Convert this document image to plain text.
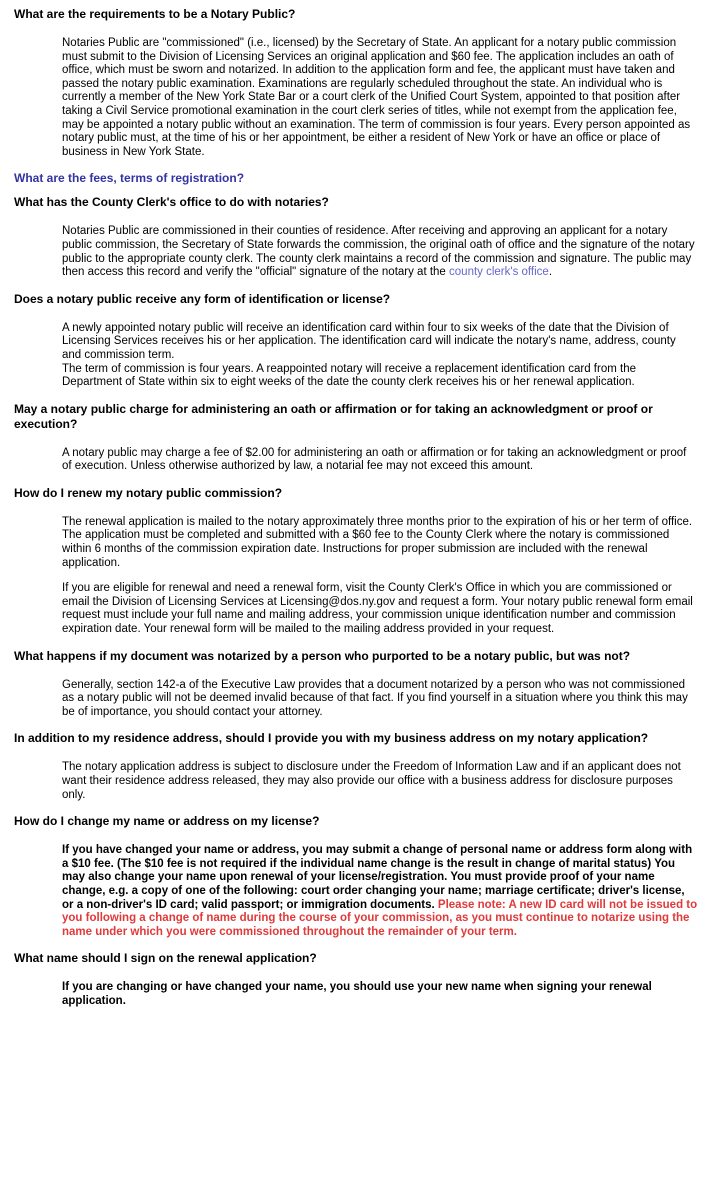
What are the requirements to be a Notary Public?
Notaries Public are "commissioned" (i.e., licensed) by the Secretary of State. An applicant for a notary public commission must submit to the Division of Licensing Services an original application and $60 fee. The application includes an oath of office, which must be sworn and notarized. In addition to the application form and fee, the applicant must have taken and passed the notary public examination. Examinations are regularly scheduled throughout the state. An individual who is currently a member of the New York State Bar or a court clerk of the Unified Court System, appointed to that position after taking a Civil Service promotional examination in the court clerk series of titles, while not exempt from the application fee, may be appointed a notary public without an examination. The term of commission is four years. Every person appointed as notary public must, at the time of his or her appointment, be either a resident of New York or have an office or place of business in New York State.
What are the fees, terms of registration?
What has the County Clerk's office to do with notaries?
Notaries Public are commissioned in their counties of residence. After receiving and approving an applicant for a notary public commission, the Secretary of State forwards the commission, the original oath of office and the signature of the notary public to the appropriate county clerk. The county clerk maintains a record of the commission and signature. The public may then access this record and verify the "official" signature of the notary at the county clerk's office.
Does a notary public receive any form of identification or license?
A newly appointed notary public will receive an identification card within four to six weeks of the date that the Division of Licensing Services receives his or her application. The identification card will indicate the notary's name, address, county and commission term.
The term of commission is four years. A reappointed notary will receive a replacement identification card from the Department of State within six to eight weeks of the date the county clerk receives his or her renewal application.
May a notary public charge for administering an oath or affirmation or for taking an acknowledgment or proof or execution?
A notary public may charge a fee of $2.00 for administering an oath or affirmation or for taking an acknowledgment or proof of execution. Unless otherwise authorized by law, a notarial fee may not exceed this amount.
How do I renew my notary public commission?
The renewal application is mailed to the notary approximately three months prior to the expiration of his or her term of office. The application must be completed and submitted with a $60 fee to the County Clerk where the notary is commissioned within 6 months of the commission expiration date. Instructions for proper submission are included with the renewal application.
If you are eligible for renewal and need a renewal form, visit the County Clerk's Office in which you are commissioned or email the Division of Licensing Services at Licensing@dos.ny.gov and request a form. Your notary public renewal form email request must include your full name and mailing address, your commission unique identification number and commission expiration date. Your renewal form will be mailed to the mailing address provided in your request.
What happens if my document was notarized by a person who purported to be a notary public, but was not?
Generally, section 142-a of the Executive Law provides that a document notarized by a person who was not commissioned as a notary public will not be deemed invalid because of that fact. If you find yourself in a situation where you think this may be of importance, you should contact your attorney.
In addition to my residence address, should I provide you with my business address on my notary application?
The notary application address is subject to disclosure under the Freedom of Information Law and if an applicant does not want their residence address released, they may also provide our office with a business address for disclosure purposes only.
How do I change my name or address on my license?
If you have changed your name or address, you may submit a change of personal name or address form along with a $10 fee. (The $10 fee is not required if the individual name change is the result in change of marital status) You may also change your name upon renewal of your license/registration. You must provide proof of your name change, e.g. a copy of one of the following: court order changing your name; marriage certificate; driver's license, or a non-driver's ID card; valid passport; or immigration documents. Please note: A new ID card will not be issued to you following a change of name during the course of your commission, as you must continue to notarize using the name under which you were commissioned throughout the remainder of your term.
What name should I sign on the renewal application?
If you are changing or have changed your name, you should use your new name when signing your renewal application.
